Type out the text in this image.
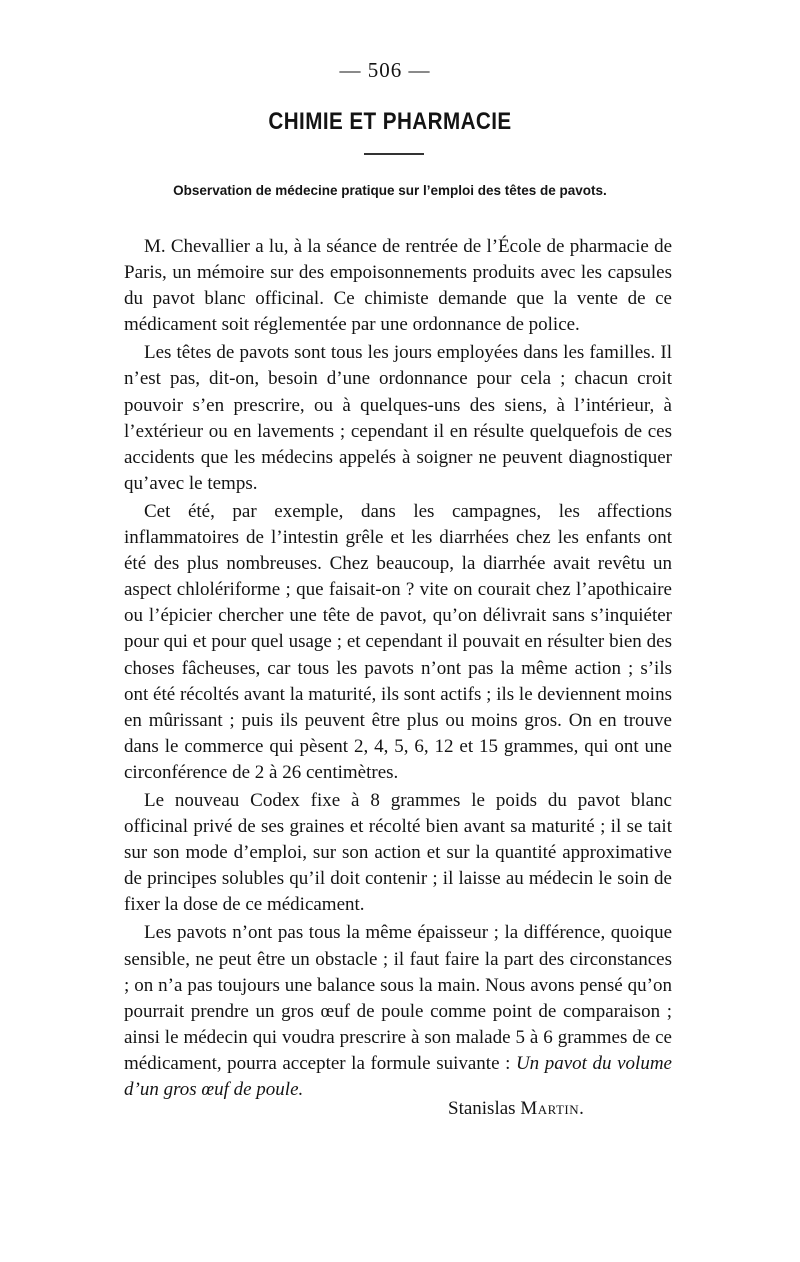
— 506 —
CHIMIE ET PHARMACIE
Observation de médecine pratique sur l’emploi des têtes de pavots.

M. Chevallier a lu, à la séance de rentrée de l’École de pharmacie de Paris, un mémoire sur des empoisonnements produits avec les capsules du pavot blanc officinal. Ce chimiste demande que la vente de ce médicament soit réglementée par une ordonnance de police.

Les têtes de pavots sont tous les jours employées dans les familles. Il n’est pas, dit-on, besoin d’une ordonnance pour cela ; chacun croit pouvoir s’en prescrire, ou à quelques-uns des siens, à l’intérieur, à l’extérieur ou en lavements ; cependant il en résulte quelquefois de ces accidents que les médecins appelés à soigner ne peuvent diagnostiquer qu’avec le temps.

Cet été, par exemple, dans les campagnes, les affections inflammatoires de l’intestin grêle et les diarrhées chez les enfants ont été des plus nombreuses. Chez beaucoup, la diarrhée avait revêtu un aspect chlolériforme ; que faisait-on ? vite on courait chez l’apothicaire ou l’épicier chercher une tête de pavot, qu’on délivrait sans s’inquiéter pour qui et pour quel usage ; et cependant il pouvait en résulter bien des choses fâcheuses, car tous les pavots n’ont pas la même action ; s’ils ont été récoltés avant la maturité, ils sont actifs ; ils le deviennent moins en mûrissant ; puis ils peuvent être plus ou moins gros. On en trouve dans le commerce qui pèsent 2, 4, 5, 6, 12 et 15 grammes, qui ont une circonférence de 2 à 26 centimètres.

Le nouveau Codex fixe à 8 grammes le poids du pavot blanc officinal privé de ses graines et récolté bien avant sa maturité ; il se tait sur son mode d’emploi, sur son action et sur la quantité approximative de principes solubles qu’il doit contenir ; il laisse au médecin le soin de fixer la dose de ce médicament.

Les pavots n’ont pas tous la même épaisseur ; la différence, quoique sensible, ne peut être un obstacle ; il faut faire la part des circonstances ; on n’a pas toujours une balance sous la main. Nous avons pensé qu’on pourrait prendre un gros œuf de poule comme point de comparaison ; ainsi le médecin qui voudra prescrire à son malade 5 à 6 grammes de ce médicament, pourra accepter la formule suivante : Un pavot du volume d’un gros œuf de poule.

Stanislas Martin.
